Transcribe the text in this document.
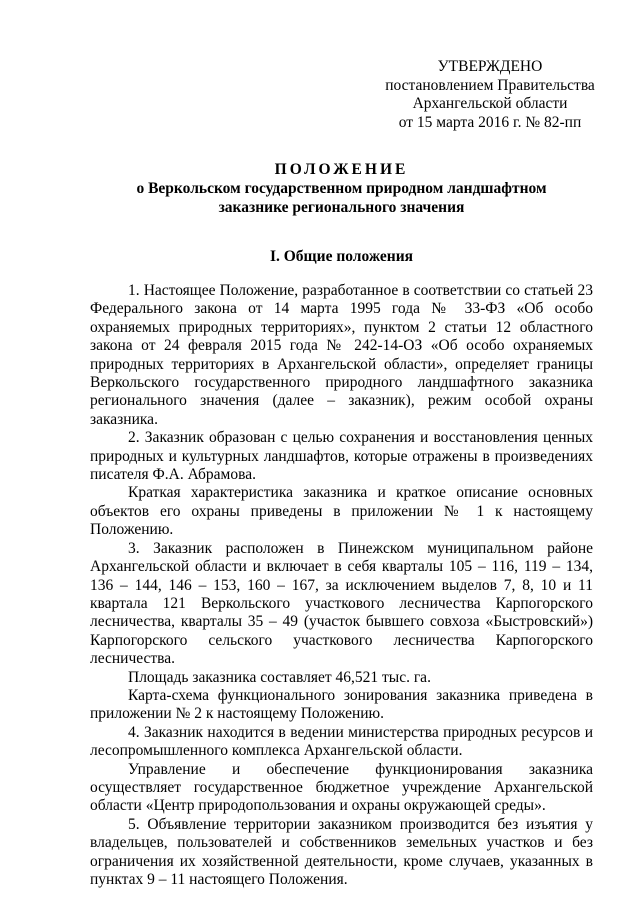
УТВЕРЖДЕНО
постановлением Правительства
Архангельской области
от 15 марта 2016 г. № 82-пп
ПОЛОЖЕНИЕ
о Веркольском государственном природном ландшафтном
заказнике регионального значения
I. Общие положения

1. Настоящее Положение, разработанное в соответствии со статьей 23 Федерального закона от 14 марта 1995 года № 33-ФЗ «Об особо охраняемых природных территориях», пунктом 2 статьи 12 областного закона от 24 февраля 2015 года № 242-14-ОЗ «Об особо охраняемых природных территориях в Архангельской области», определяет границы Веркольского государственного природного ландшафтного заказника регионального значения (далее – заказник), режим особой охраны заказника.

2. Заказник образован с целью сохранения и восстановления ценных природных и культурных ландшафтов, которые отражены в произведениях писателя Ф.А. Абрамова.

Краткая характеристика заказника и краткое описание основных объектов его охраны приведены в приложении № 1 к настоящему Положению.

3. Заказник расположен в Пинежском муниципальном районе Архангельской области и включает в себя кварталы 105 – 116, 119 – 134, 136 – 144, 146 – 153, 160 – 167, за исключением выделов 7, 8, 10 и 11 квартала 121 Веркольского участкового лесничества Карпогорского лесничества, кварталы 35 – 49 (участок бывшего совхоза «Быстровский») Карпогорского сельского участкового лесничества Карпогорского лесничества.

Площадь заказника составляет 46,521 тыс. га.

Карта-схема функционального зонирования заказника приведена в приложении № 2 к настоящему Положению.

4. Заказник находится в ведении министерства природных ресурсов и лесопромышленного комплекса Архангельской области.

Управление и обеспечение функционирования заказника осуществляет государственное бюджетное учреждение Архангельской области «Центр природопользования и охраны окружающей среды».

5. Объявление территории заказником производится без изъятия у владельцев, пользователей и собственников земельных участков и без ограничения их хозяйственной деятельности, кроме случаев, указанных в пунктах 9 – 11 настоящего Положения.
